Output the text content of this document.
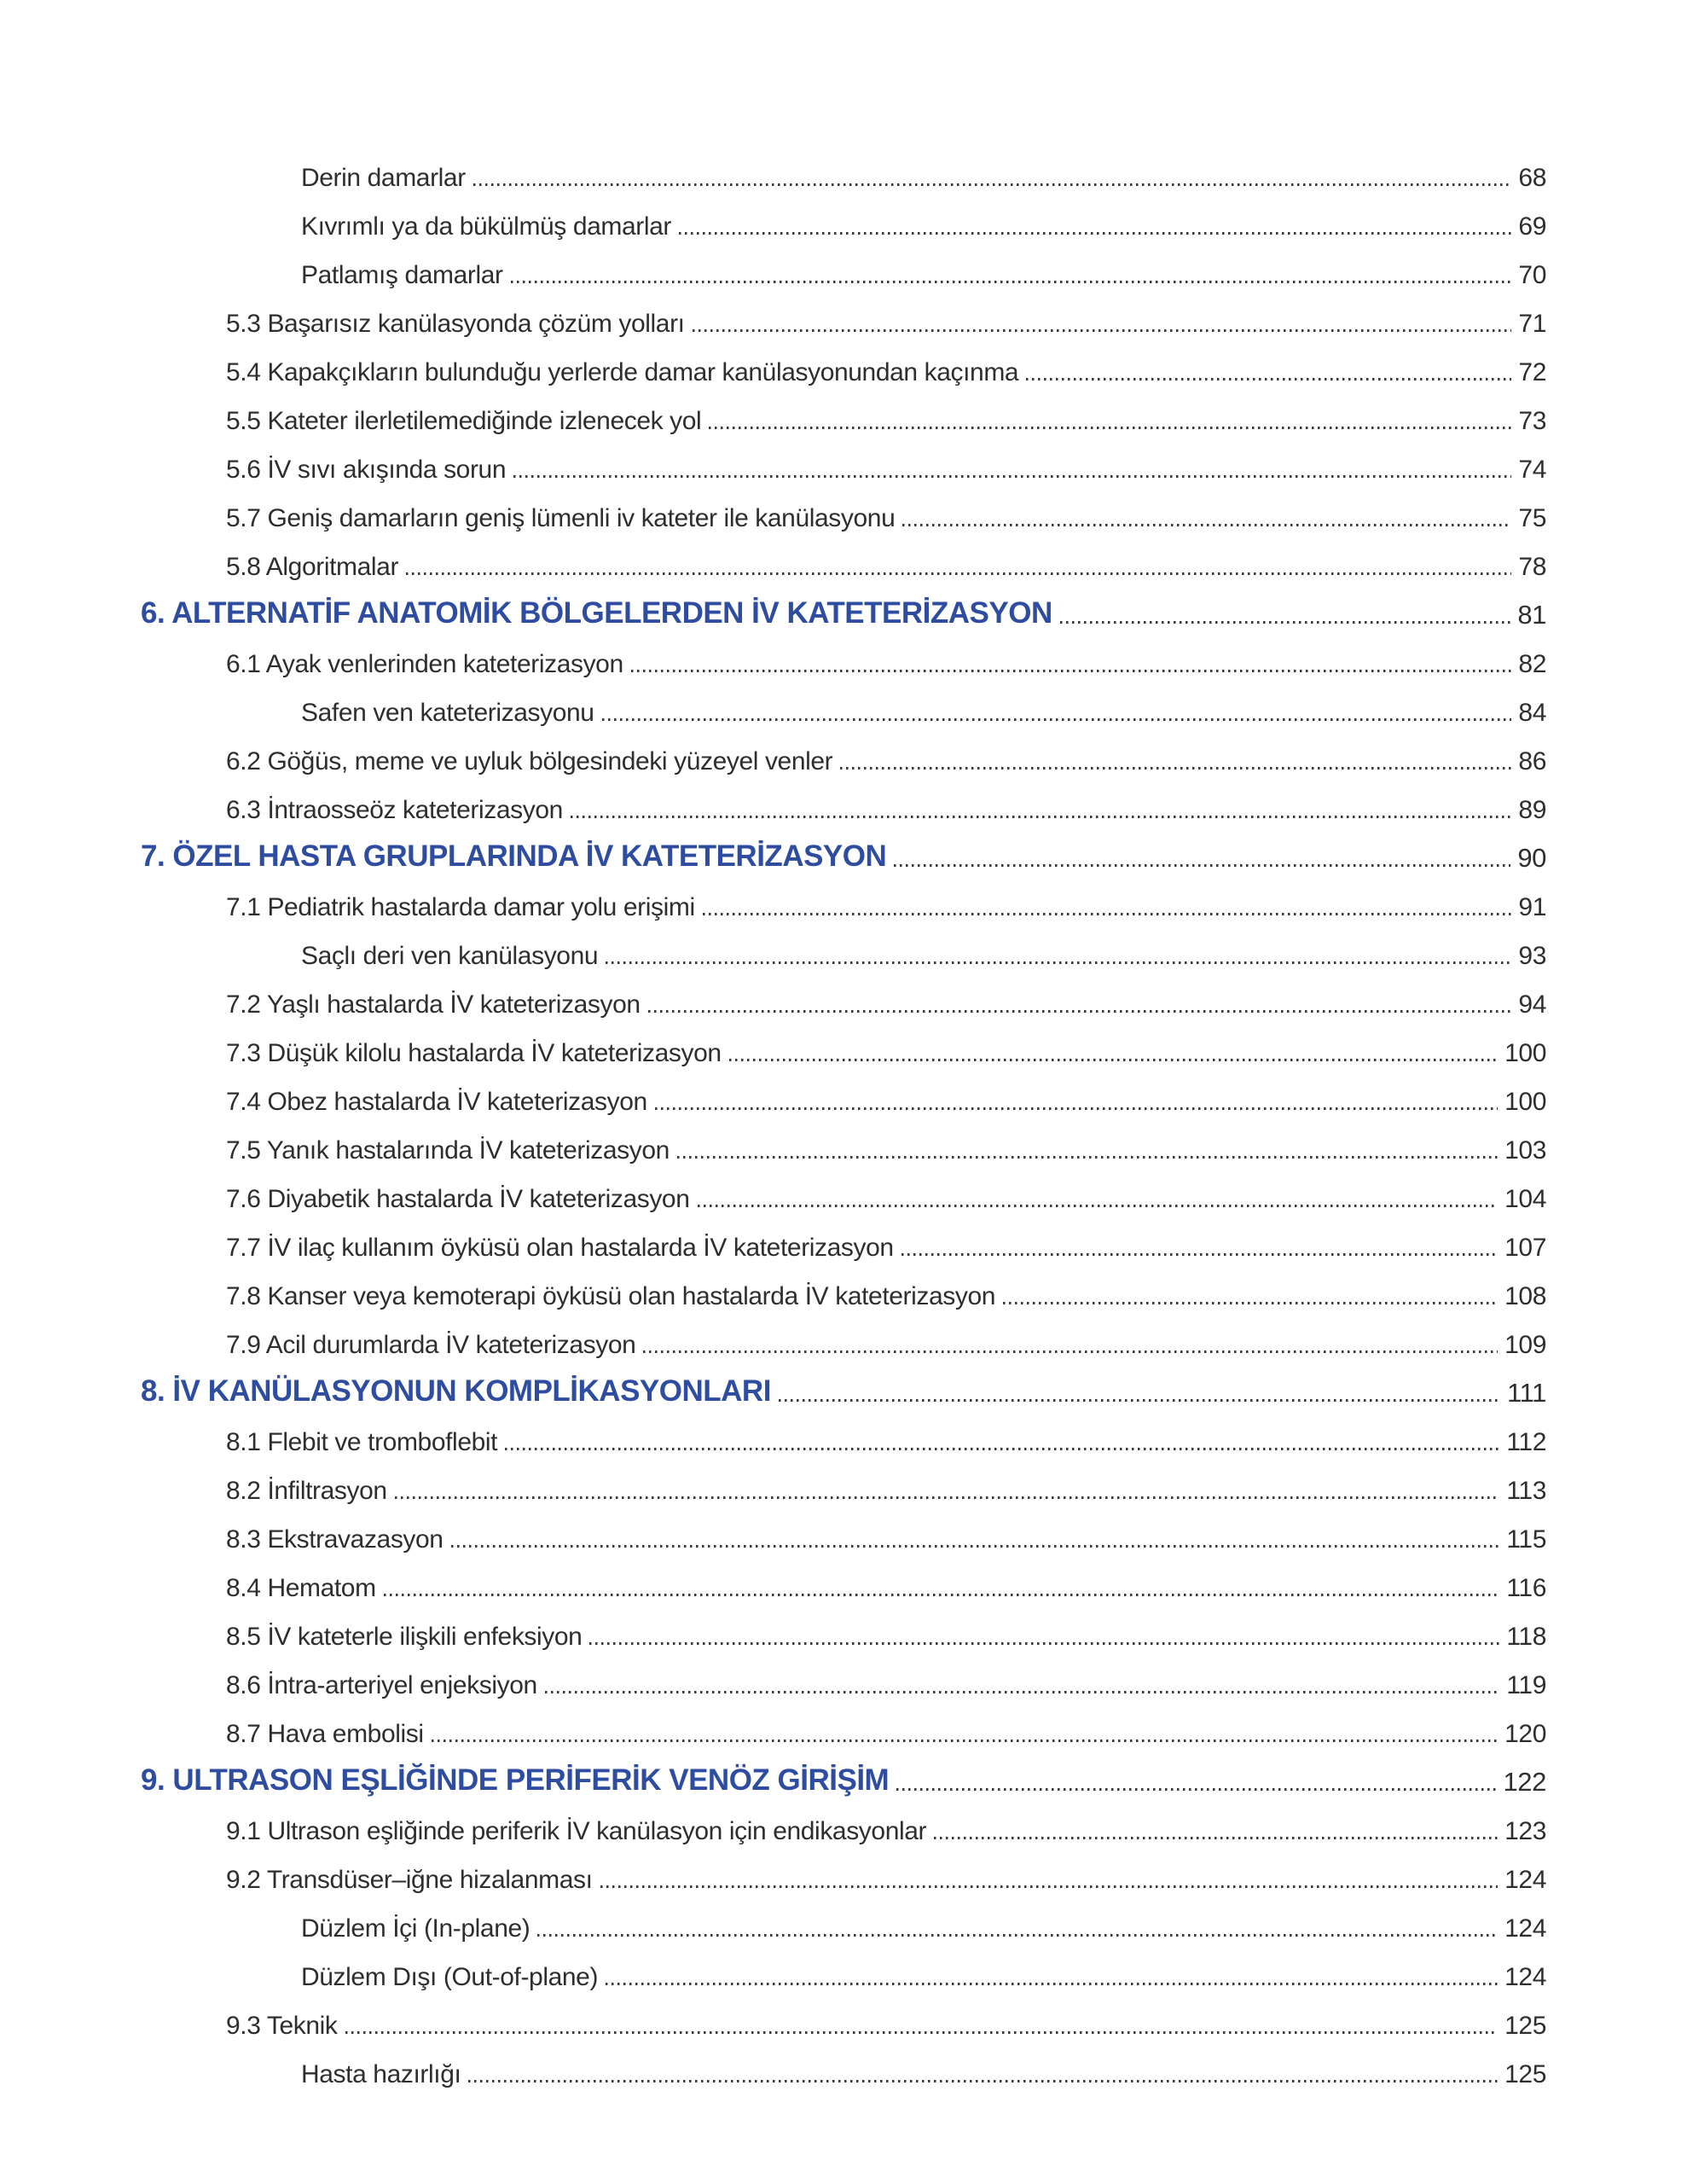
Derin damarlar	68
Kıvrımlı ya da bükülmüş damarlar	69
Patlamış damarlar	70
5.3 Başarısız kanülasyonda çözüm yolları	71
5.4 Kapakçıkların bulunduğu yerlerde damar kanülasyonundan kaçınma	72
5.5 Kateter ilerletilemediğinde izlenecek yol	73
5.6 İV sıvı akışında sorun	74
5.7 Geniş damarların geniş lümenli iv kateter ile kanülasyonu	75
5.8 Algoritmalar	78
6. ALTERNATİF ANATOMİK BÖLGELERDEN İV KATETERİZASYON	81
6.1 Ayak venlerinden kateterizasyon	82
Safen ven kateterizasyonu	84
6.2 Göğüs, meme ve uyluk bölgesindeki yüzeyel venler	86
6.3 İntraosseöz kateterizasyon	89
7. ÖZEL HASTA GRUPLARINDA İV KATETERİZASYON	90
7.1 Pediatrik hastalarda damar yolu erişimi	91
Saçlı deri ven kanülasyonu	93
7.2 Yaşlı hastalarda İV kateterizasyon	94
7.3 Düşük kilolu hastalarda İV kateterizasyon	100
7.4 Obez hastalarda İV kateterizasyon	100
7.5 Yanık hastalarında İV kateterizasyon	103
7.6 Diyabetik hastalarda İV kateterizasyon	104
7.7 İV ilaç kullanım öyküsü olan hastalarda İV kateterizasyon	107
7.8 Kanser veya kemoterapi öyküsü olan hastalarda İV kateterizasyon	108
7.9 Acil durumlarda İV kateterizasyon	109
8. İV KANÜLASYONUN KOMPLİKASYONLARI	111
8.1 Flebit ve tromboflebit	112
8.2 İnfiltrasyon	113
8.3 Ekstravazasyon	115
8.4 Hematom	116
8.5 İV kateterle ilişkili enfeksiyon	118
8.6 İntra-arteriyel enjeksiyon	119
8.7 Hava embolisi	120
9. ULTRASON EŞLİĞİNDE PERİFERİK VENÖZ GİRİŞİM	122
9.1 Ultrason eşliğinde periferik İV kanülasyon için endikasyonlar	123
9.2 Transdüser–iğne hizalanması	124
Düzlem İçi (In-plane)	124
Düzlem Dışı (Out-of-plane)	124
9.3 Teknik	125
Hasta hazırlığı	125
